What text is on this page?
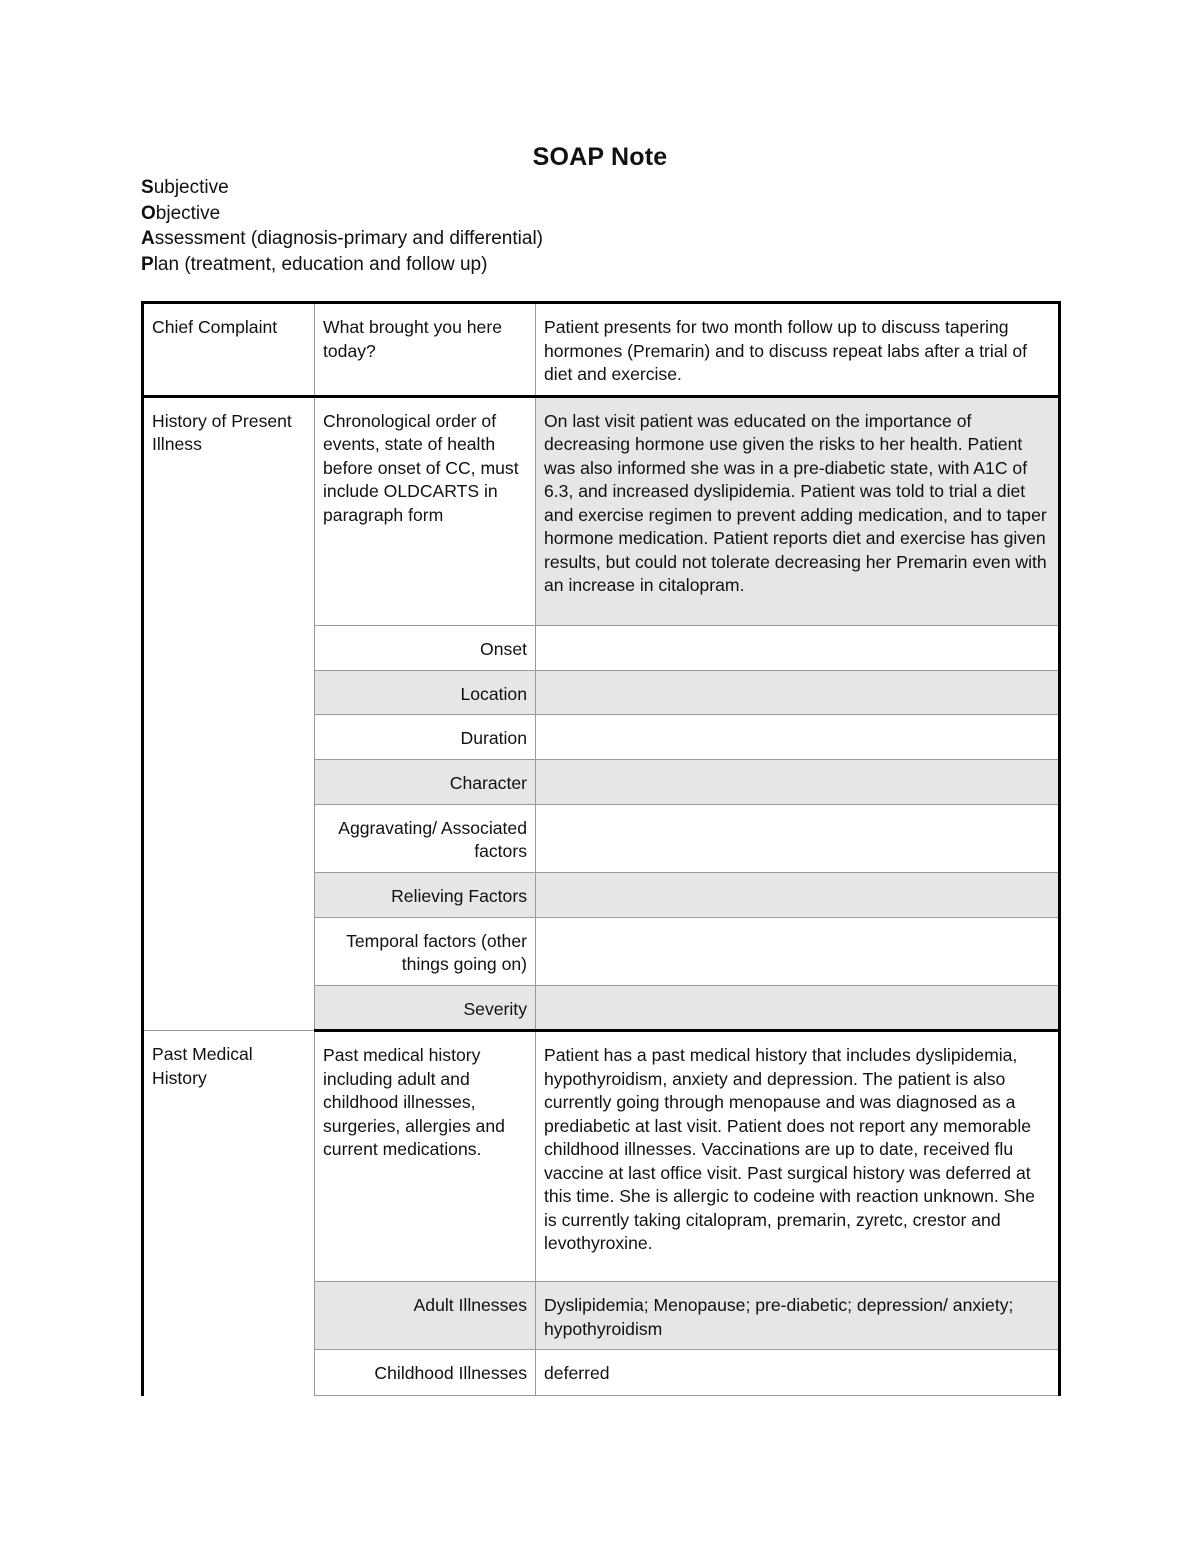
SOAP Note
Subjective
Objective
Assessment (diagnosis-primary and differential)
Plan (treatment, education and follow up)
Chief Complaint	What brought you here today?	Patient presents for two month follow up to discuss tapering hormones (Premarin) and to discuss repeat labs after a trial of diet and exercise.
History of Present Illness	Chronological order of events, state of health before onset of CC, must include OLDCARTS in paragraph form	On last visit patient was educated on the importance of decreasing hormone use given the risks to her health. Patient was also informed she was in a pre-diabetic state, with A1C of 6.3, and increased dyslipidemia. Patient was told to trial a diet and exercise regimen to prevent adding medication, and to taper hormone medication. Patient reports diet and exercise has given results, but could not tolerate decreasing her Premarin even with an increase in citalopram.
	Onset	
	Location	
	Duration	
	Character	
	Aggravating/ Associated factors	
	Relieving Factors	
	Temporal factors (other things going on)	
	Severity	
Past Medical History	Past medical history including adult and childhood illnesses, surgeries, allergies and current medications.	Patient has a past medical history that includes dyslipidemia, hypothyroidism, anxiety and depression. The patient is also currently going through menopause and was diagnosed as a prediabetic at last visit. Patient does not report any memorable childhood illnesses. Vaccinations are up to date, received flu vaccine at last office visit. Past surgical history was deferred at this time. She is allergic to codeine with reaction unknown. She is currently taking citalopram, premarin, zyretc, crestor and levothyroxine.
	Adult Illnesses	Dyslipidemia; Menopause; pre-diabetic; depression/ anxiety; hypothyroidism
	Childhood Illnesses	deferred
